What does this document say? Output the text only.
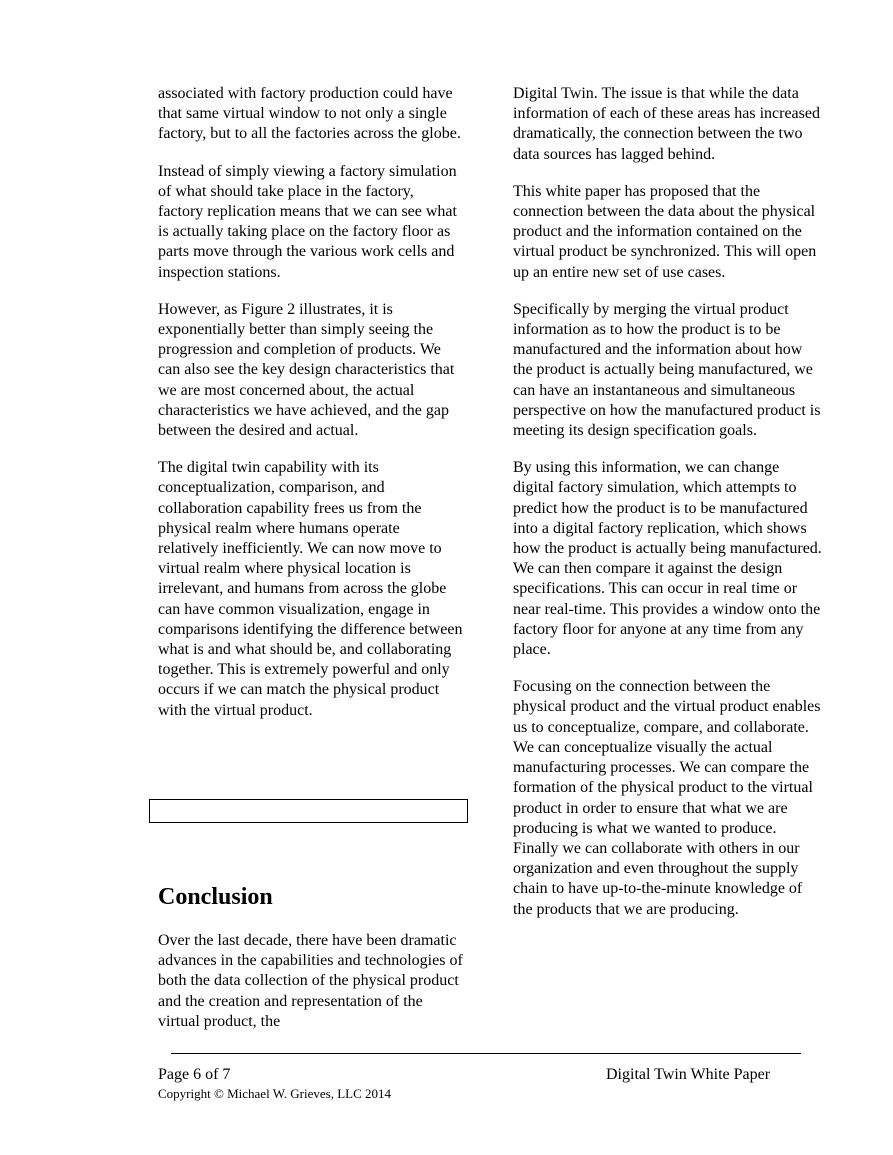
associated with factory production could have that same virtual window to not only a single factory, but to all the factories across the globe.

Instead of simply viewing a factory simulation of what should take place in the factory, factory replication means that we can see what is actually taking place on the factory floor as parts move through the various work cells and inspection stations.

However, as Figure 2 illustrates, it is exponentially better than simply seeing the progression and completion of products. We can also see the key design characteristics that we are most concerned about, the actual characteristics we have achieved, and the gap between the desired and actual.

The digital twin capability with its conceptualization, comparison, and collaboration capability frees us from the physical realm where humans operate relatively inefficiently. We can now move to virtual realm where physical location is irrelevant, and humans from across the globe can have common visualization, engage in comparisons identifying the difference between what is and what should be, and collaborating together. This is extremely powerful and only occurs if we can match the physical product with the virtual product.

Conclusion

Over the last decade, there have been dramatic advances in the capabilities and technologies of both the data collection of the physical product and the creation and representation of the virtual product, the

Digital Twin. The issue is that while the data information of each of these areas has increased dramatically, the connection between the two data sources has lagged behind.

This white paper has proposed that the connection between the data about the physical product and the information contained on the virtual product be synchronized. This will open up an entire new set of use cases.

Specifically by merging the virtual product information as to how the product is to be manufactured and the information about how the product is actually being manufactured, we can have an instantaneous and simultaneous perspective on how the manufactured product is meeting its design specification goals.

By using this information, we can change digital factory simulation, which attempts to predict how the product is to be manufactured into a digital factory replication, which shows how the product is actually being manufactured. We can then compare it against the design specifications. This can occur in real time or near real-time. This provides a window onto the factory floor for anyone at any time from any place.

Focusing on the connection between the physical product and the virtual product enables us to conceptualize, compare, and collaborate. We can conceptualize visually the actual manufacturing processes. We can compare the formation of the physical product to the virtual product in order to ensure that what we are producing is what we wanted to produce. Finally we can collaborate with others in our organization and even throughout the supply chain to have up-to-the-minute knowledge of the products that we are producing.

Page 6 of 7	Digital Twin White Paper
Copyright © Michael W. Grieves, LLC 2014
